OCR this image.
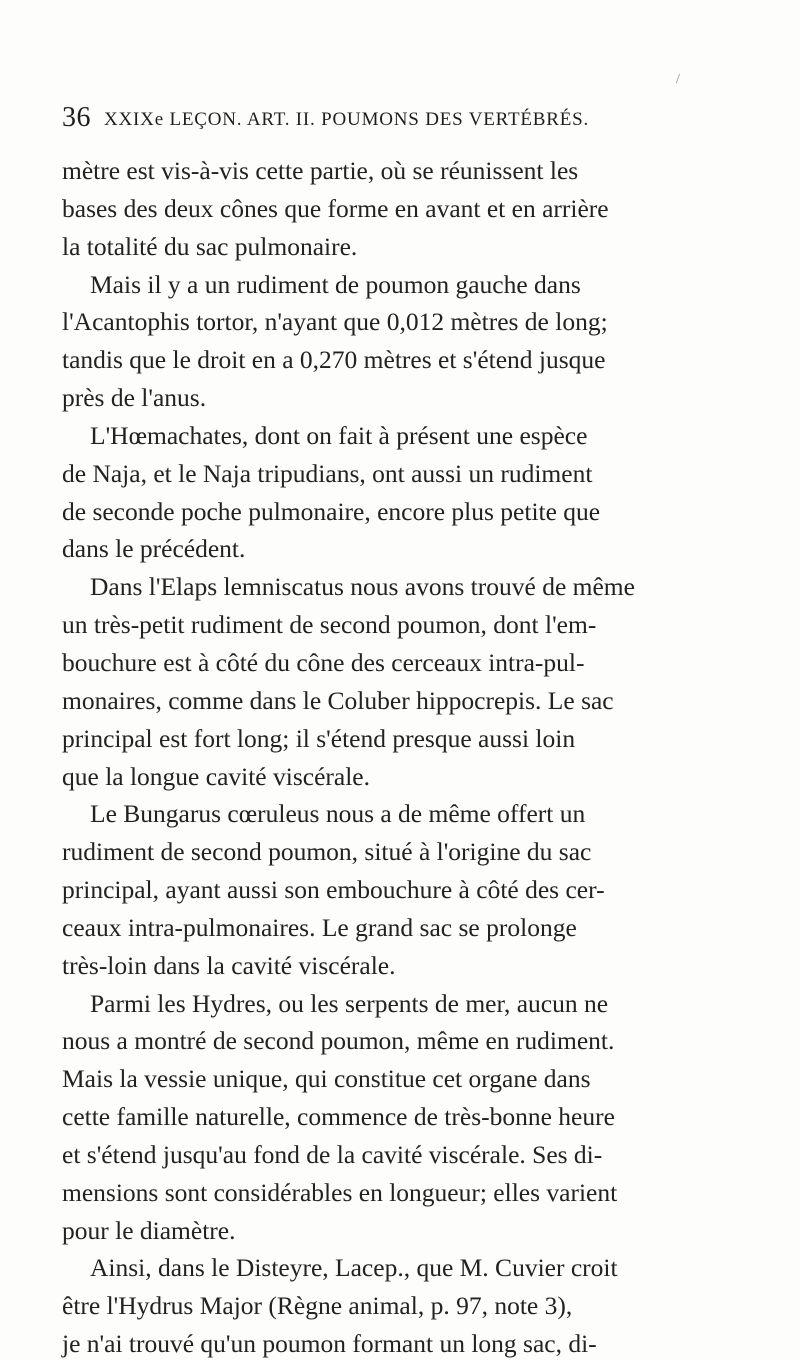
/
36 XXIXe LEÇON. ART. II. POUMONS DES VERTÉBRÉS.
mètre est vis-à-vis cette partie, où se réunissent les
bases des deux cônes que forme en avant et en arrière
la totalité du sac pulmonaire.
Mais il y a un rudiment de poumon gauche dans
l'Acantophis tortor, n'ayant que 0,012 mètres de long;
tandis que le droit en a 0,270 mètres et s'étend jusque
près de l'anus.
L'Hœmachates, dont on fait à présent une espèce
de Naja, et le Naja tripudians, ont aussi un rudiment
de seconde poche pulmonaire, encore plus petite que
dans le précédent.
Dans l'Elaps lemniscatus nous avons trouvé de même
un très-petit rudiment de second poumon, dont l'em-
bouchure est à côté du cône des cerceaux intra-pul-
monaires, comme dans le Coluber hippocrepis. Le sac
principal est fort long; il s'étend presque aussi loin
que la longue cavité viscérale.
Le Bungarus cœruleus nous a de même offert un
rudiment de second poumon, situé à l'origine du sac
principal, ayant aussi son embouchure à côté des cer-
ceaux intra-pulmonaires. Le grand sac se prolonge
très-loin dans la cavité viscérale.
Parmi les Hydres, ou les serpents de mer, aucun ne
nous a montré de second poumon, même en rudiment.
Mais la vessie unique, qui constitue cet organe dans
cette famille naturelle, commence de très-bonne heure
et s'étend jusqu'au fond de la cavité viscérale. Ses di-
mensions sont considérables en longueur; elles varient
pour le diamètre.
Ainsi, dans le Disteyre, Lacep., que M. Cuvier croit
être l'Hydrus Major (Règne animal, p. 97, note 3),
je n'ai trouvé qu'un poumon formant un long sac, di-
